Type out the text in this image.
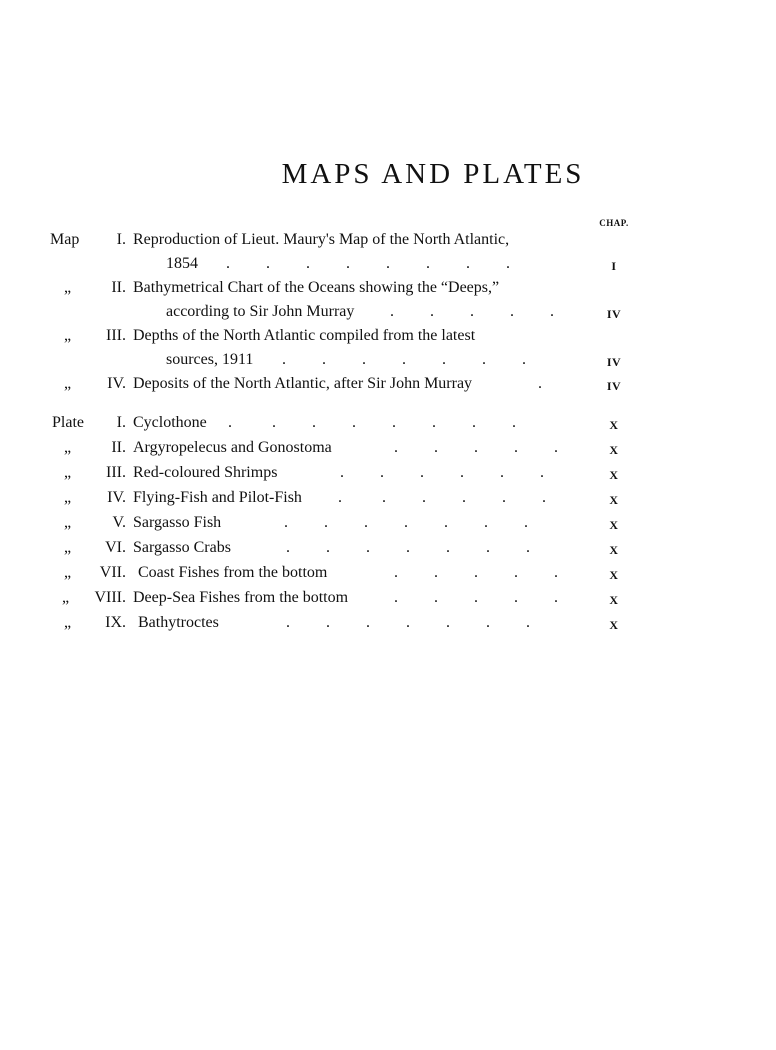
MAPS AND PLATES
CHAP.
Map	I. Reproduction of Lieut. Maury's Map of the North Atlantic,
1854 .         .         .         .         .         .         .         .	I
„	II. Bathymetrical Chart of the Oceans showing the “Deeps,”
according to Sir John Murray .         .         .         .         .	IV
„	III. Depths of the North Atlantic compiled from the latest
sources, 1911 .         .         .         .         .         .         .	IV
„	IV. Deposits of the North Atlantic, after Sir John Murray	.	IV
Plate	I. Cyclothone .          .         .         .         .         .         .         .	X
„	II. Argyropelecus and Gonostoma	.         .         .         .         .	X
„	III. Red-coloured Shrimps	.         .         .         .         .         .	X
„	IV. Flying-Fish and Pilot-Fish .          .         .         .         .         .	X
„	V. Sargasso Fish	.         .         .         .         .         .         .	X
„	VI. Sargasso Crabs	.         .         .         .         .         .         .	X
„	VII. Coast Fishes from the bottom	.         .         .         .         .	X
„	VIII. Deep-Sea Fishes from the bottom	.         .         .         .         .	X
„	IX. Bathytroctes	.         .         .         .         .         .         .	X
